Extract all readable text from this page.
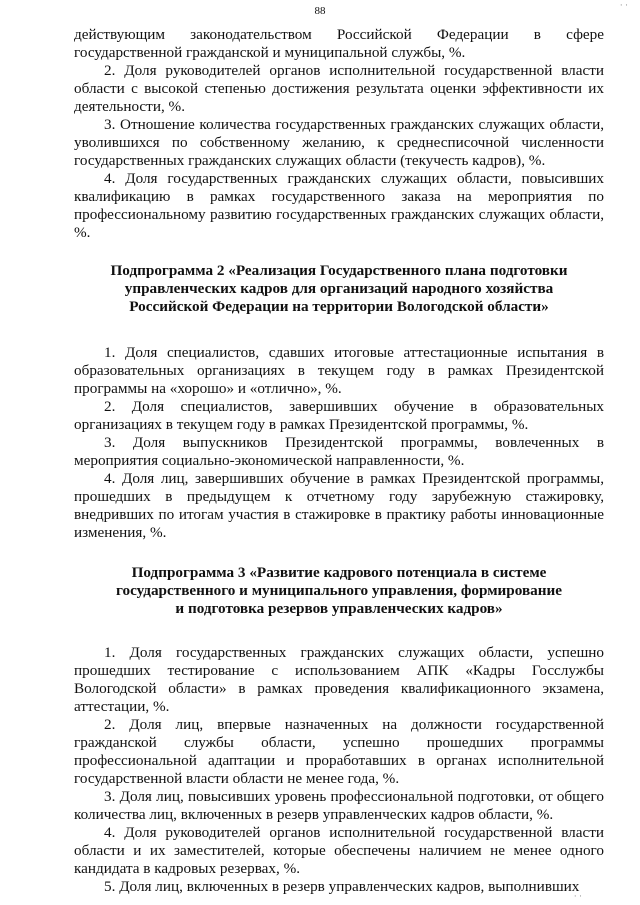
88

действующим законодательством Российской Федерации в сфере государственной гражданской и муниципальной службы, %.

2. Доля руководителей органов исполнительной государственной власти области с высокой степенью достижения результата оценки эффективности их деятельности, %.

3. Отношение количества государственных гражданских служащих области, уволившихся по собственному желанию, к среднесписочной численности государственных гражданских служащих области (текучесть кадров), %.

4. Доля государственных гражданских служащих области, повысивших квалификацию в рамках государственного заказа на мероприятия по профессиональному развитию государственных гражданских служащих области, %.

Подпрограмма 2 «Реализация Государственного плана подготовки
управленческих кадров для организаций народного хозяйства
Российской Федерации на территории Вологодской области»

1. Доля специалистов, сдавших итоговые аттестационные испытания в образовательных организациях в текущем году в рамках Президентской программы на «хорошо» и «отлично», %.

2. Доля специалистов, завершивших обучение в образовательных организациях в текущем году в рамках Президентской программы, %.

3. Доля выпускников Президентской программы, вовлеченных в мероприятия социально-экономической направленности, %.

4. Доля лиц, завершивших обучение в рамках Президентской программы, прошедших в предыдущем к отчетному году зарубежную стажировку, внедривших по итогам участия в стажировке в практику работы инновационные изменения, %.

Подпрограмма 3 «Развитие кадрового потенциала в системе
государственного и муниципального управления, формирование
и подготовка резервов управленческих кадров»

1. Доля государственных гражданских служащих области, успешно прошедших тестирование с использованием АПК «Кадры Госслужбы Вологодской области» в рамках проведения квалификационного экзамена, аттестации, %.

2. Доля лиц, впервые назначенных на должности государственной гражданской службы области, успешно прошедших программы профессиональной адаптации и проработавших в органах исполнительной государственной власти области не менее года, %.

3. Доля лиц, повысивших уровень профессиональной подготовки, от общего количества лиц, включенных в резерв управленческих кадров области, %.

4. Доля руководителей органов исполнительной государственной власти области и их заместителей, которые обеспечены наличием не менее одного кандидата в кадровых резервах, %.

5. Доля лиц, включенных в резерв управленческих кадров, выполнивших

· ·
· ·
